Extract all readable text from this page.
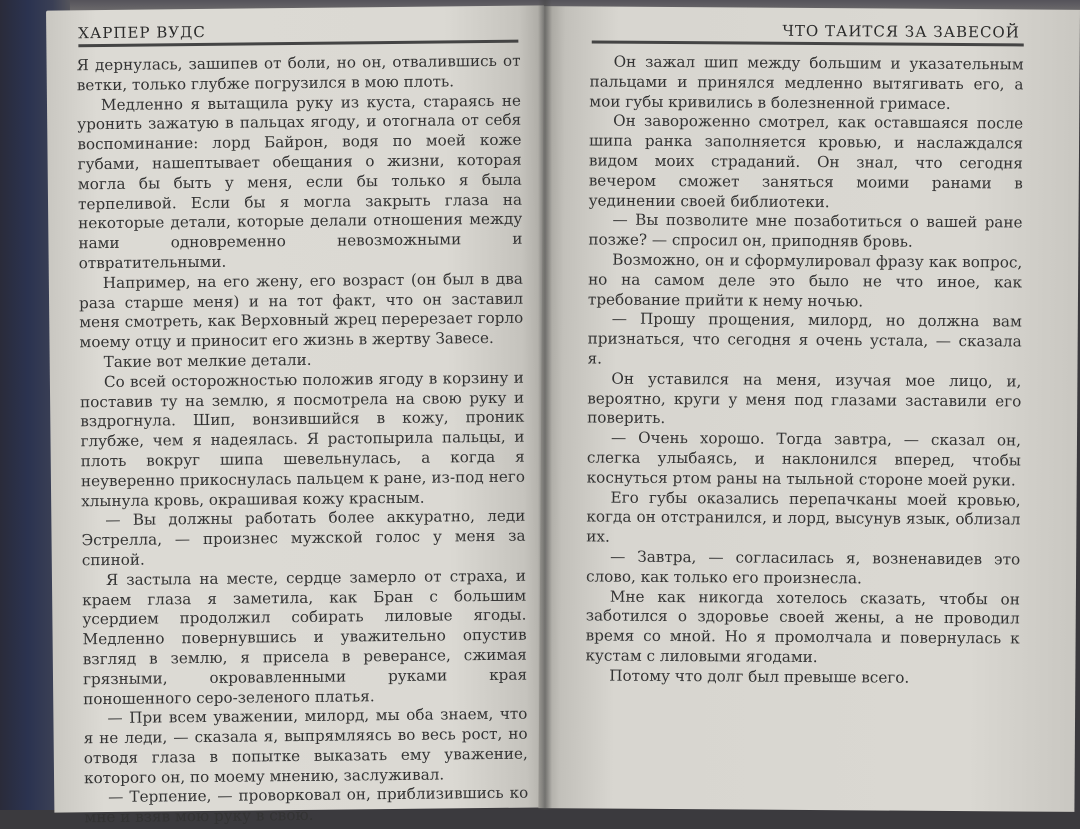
ХАРПЕР ВУДС

Я дернулась, зашипев от боли, но он, отвалившись от ветки, только глубже погрузился в мою плоть.

Медленно я вытащила руку из куста, стараясь не уронить зажатую в пальцах ягоду, и отогнала от себя воспоминание: лорд Байрон, водя по моей коже губами, нашептывает обещания о жизни, которая могла бы быть у меня, если бы только я была терпеливой. Если бы я могла закрыть глаза на некоторые детали, которые делали отношения между нами одновременно невозможными и отвратительными.

Например, на его жену, его возраст (он был в два раза старше меня) и на тот факт, что он заставил меня смотреть, как Верховный жрец перерезает горло моему отцу и приносит его жизнь в жертву Завесе.

Такие вот мелкие детали.

Со всей осторожностью положив ягоду в корзину и поставив ту на землю, я посмотрела на свою руку и вздрогнула. Шип, вонзившийся в кожу, проник глубже, чем я надеялась. Я растопырила пальцы, и плоть вокруг шипа шевельнулась, а когда я неуверенно прикоснулась пальцем к ране, из-под него хлынула кровь, окрашивая кожу красным.

— Вы должны работать более аккуратно, леди Эстрелла, — произнес мужской голос у меня за спиной.

Я застыла на месте, сердце замерло от страха, и краем глаза я заметила, как Бран с большим усердием продолжил собирать лиловые ягоды. Медленно повернувшись и уважительно опустив взгляд в землю, я присела в реверансе, сжимая грязными, окровавленными руками края поношенного серо-зеленого платья.

— При всем уважении, милорд, мы оба знаем, что я не леди, — сказала я, выпрямляясь во весь рост, но отводя глаза в попытке выказать ему уважение, которого он, по моему мнению, заслуживал.

— Терпение, — проворковал он, приблизившись ко мне и взяв мою руку в свою.

ЧТО ТАИТСЯ ЗА ЗАВЕСОЙ

Он зажал шип между большим и указательным пальцами и принялся медленно вытягивать его, а мои губы кривились в болезненной гримасе.

Он завороженно смотрел, как оставшаяся после шипа ранка заполняется кровью, и наслаждался видом моих страданий. Он знал, что сегодня вечером сможет заняться моими ранами в уединении своей библиотеки.

— Вы позволите мне позаботиться о вашей ране позже? — спросил он, приподняв бровь.

Возможно, он и сформулировал фразу как вопрос, но на самом деле это было не что иное, как требование прийти к нему ночью.

— Прошу прощения, милорд, но должна вам признаться, что сегодня я очень устала, — сказала я.

Он уставился на меня, изучая мое лицо, и, вероятно, круги у меня под глазами заставили его поверить.

— Очень хорошо. Тогда завтра, — сказал он, слегка улыбаясь, и наклонился вперед, чтобы коснуться ртом раны на тыльной стороне моей руки.

Его губы оказались перепачканы моей кровью, когда он отстранился, и лорд, высунув язык, облизал их.

— Завтра, — согласилась я, возненавидев это слово, как только его произнесла.

Мне как никогда хотелось сказать, чтобы он заботился о здоровье своей жены, а не проводил время со мной. Но я промолчала и повернулась к кустам с лиловыми ягодами.

Потому что долг был превыше всего.
